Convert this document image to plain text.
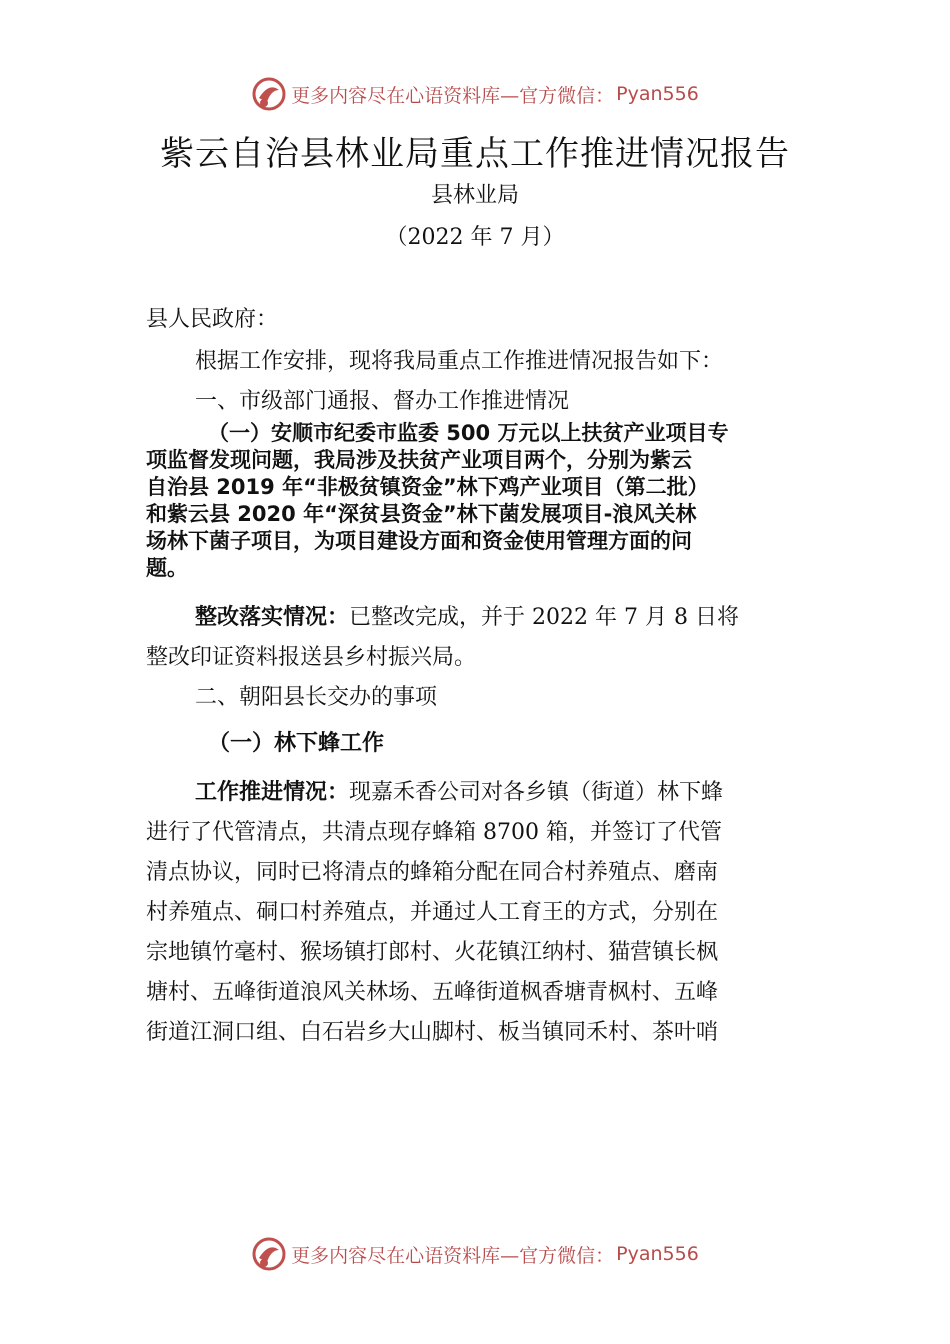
更多内容尽在心语资料库—官方微信： Pyan556
紫云自治县林业局重点工作推进情况报告
县林业局
（2022 年 7 月）
县人民政府：
根据工作安排，现将我局重点工作推进情况报告如下：
一、市级部门通报、督办工作推进情况
（一）安顺市纪委市监委 500 万元以上扶贫产业项目专
项监督发现问题，我局涉及扶贫产业项目两个，分别为紫云
自治县 2019 年“非极贫镇资金”林下鸡产业项目（第二批）
和紫云县 2020 年“深贫县资金”林下菌发展项目-浪风关林
场林下菌子项目，为项目建设方面和资金使用管理方面的问
题。
整改落实情况：已整改完成，并于 2022 年 7 月 8 日将
整改印证资料报送县乡村振兴局。
二、朝阳县长交办的事项
（一）林下蜂工作
工作推进情况：现嘉禾香公司对各乡镇（街道）林下蜂
进行了代管清点，共清点现存蜂箱 8700 箱，并签订了代管
清点协议，同时已将清点的蜂箱分配在同合村养殖点、磨南
村养殖点、硐口村养殖点，并通过人工育王的方式，分别在
宗地镇竹毫村、猴场镇打郎村、火花镇江纳村、猫营镇长枫
塘村、五峰街道浪风关林场、五峰街道枫香塘青枫村、五峰
街道江洞口组、白石岩乡大山脚村、板当镇同禾村、茶叶哨
更多内容尽在心语资料库—官方微信： Pyan556
